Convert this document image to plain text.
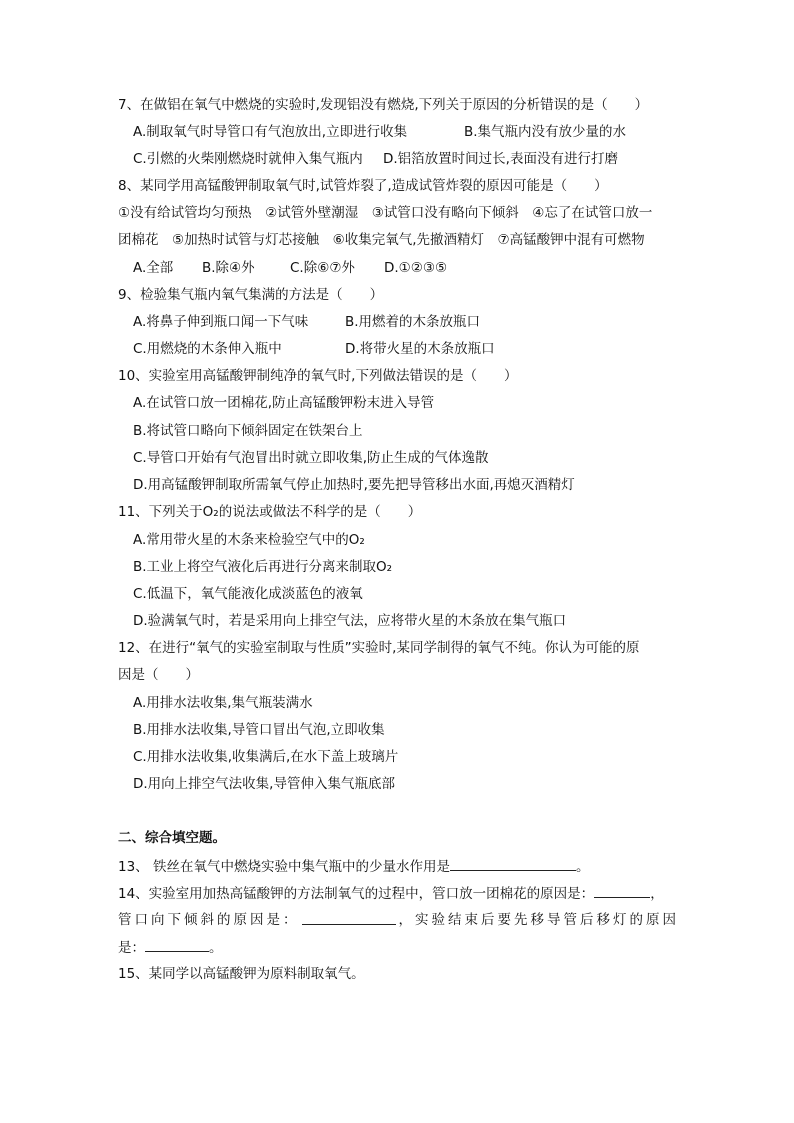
7、在做铝在氧气中燃烧的实验时,发现铝没有燃烧,下列关于原因的分析错误的是（　　）
A.制取氧气时导管口有气泡放出,立即进行收集	B.集气瓶内没有放少量的水
C.引燃的火柴刚燃烧时就伸入集气瓶内 D.铝箔放置时间过长,表面没有进行打磨
8、某同学用高锰酸钾制取氧气时,试管炸裂了,造成试管炸裂的原因可能是（　　）
①没有给试管均匀预热　②试管外壁潮湿　③试管口没有略向下倾斜　④忘了在试管口放一
团棉花　⑤加热时试管与灯芯接触　⑥收集完氧气,先撤酒精灯　⑦高锰酸钾中混有可燃物
A.全部 B.除④外	C.除⑥⑦外 D.①②③⑤
9、检验集气瓶内氧气集满的方法是（　　）
A.将鼻子伸到瓶口闻一下气味	B.用燃着的木条放瓶口
C.用燃烧的木条伸入瓶中	D.将带火星的木条放瓶口
10、实验室用高锰酸钾制纯净的氧气时,下列做法错误的是（　　）
A.在试管口放一团棉花,防止高锰酸钾粉末进入导管
B.将试管口略向下倾斜固定在铁架台上
C.导管口开始有气泡冒出时就立即收集,防止生成的气体逸散
D.用高锰酸钾制取所需氧气停止加热时,要先把导管移出水面,再熄灭酒精灯
11、下列关于O₂的说法或做法不科学的是（　　）
A.常用带火星的木条来检验空气中的O₂
B.工业上将空气液化后再进行分离来制取O₂
C.低温下，氧气能液化成淡蓝色的液氧
D.验满氧气时，若是采用向上排空气法，应将带火星的木条放在集气瓶口
12、在进行“氧气的实验室制取与性质”实验时,某同学制得的氧气不纯。你认为可能的原
因是（　　）
A.用排水法收集,集气瓶装满水
B.用排水法收集,导管口冒出气泡,立即收集
C.用排水法收集,收集满后,在水下盖上玻璃片
D.用向上排空气法收集,导管伸入集气瓶底部
二、综合填空题。
13、 铁丝在氧气中燃烧实验中集气瓶中的少量水作用是	。
14、实验室用加热高锰酸钾的方法制氧气的过程中，管口放一团棉花的原因是：	，
管口向下倾斜的原因是：	，实验结束后要先移导管后移灯的原因
是：	。
15、某同学以高锰酸钾为原料制取氧气。
